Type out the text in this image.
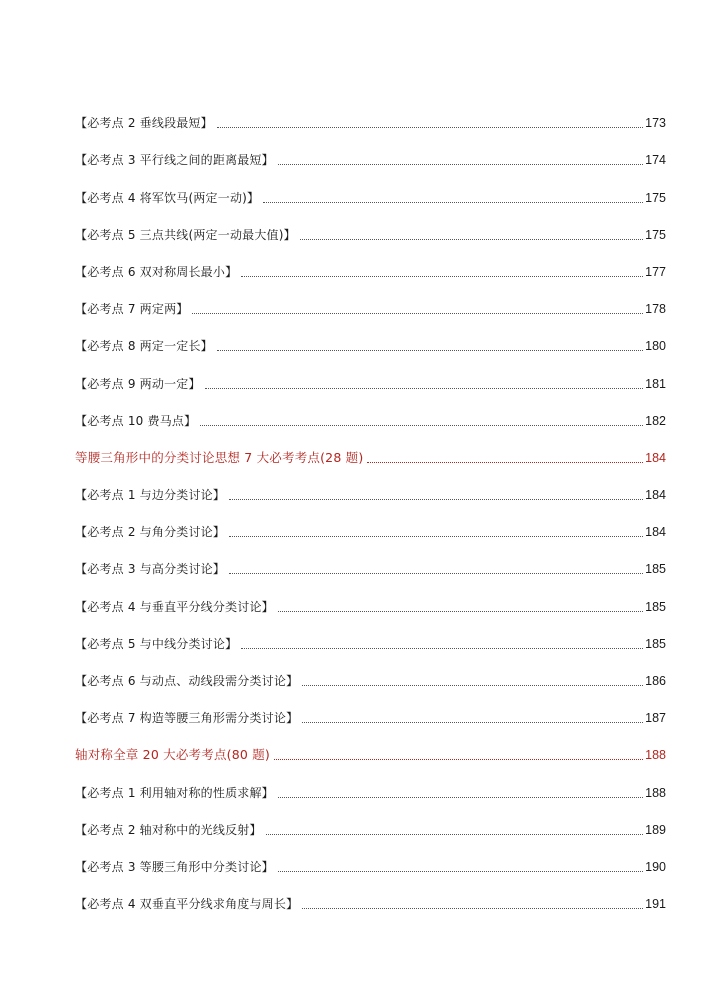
【必考点 2 垂线段最短】	173
【必考点 3 平行线之间的距离最短】	174
【必考点 4 将军饮马(两定一动)】	175
【必考点 5 三点共线(两定一动最大值)】	175
【必考点 6 双对称周长最小】	177
【必考点 7 两定两】	178
【必考点 8 两定一定长】	180
【必考点 9 两动一定】	181
【必考点 10 费马点】	182
等腰三角形中的分类讨论思想 7 大必考考点(28 题)	184
【必考点 1 与边分类讨论】	184
【必考点 2 与角分类讨论】	184
【必考点 3 与高分类讨论】	185
【必考点 4 与垂直平分线分类讨论】	185
【必考点 5 与中线分类讨论】	185
【必考点 6 与动点、动线段需分类讨论】	186
【必考点 7 构造等腰三角形需分类讨论】	187
轴对称全章 20 大必考考点(80 题)	188
【必考点 1 利用轴对称的性质求解】	188
【必考点 2 轴对称中的光线反射】	189
【必考点 3 等腰三角形中分类讨论】	190
【必考点 4 双垂直平分线求角度与周长】	191
